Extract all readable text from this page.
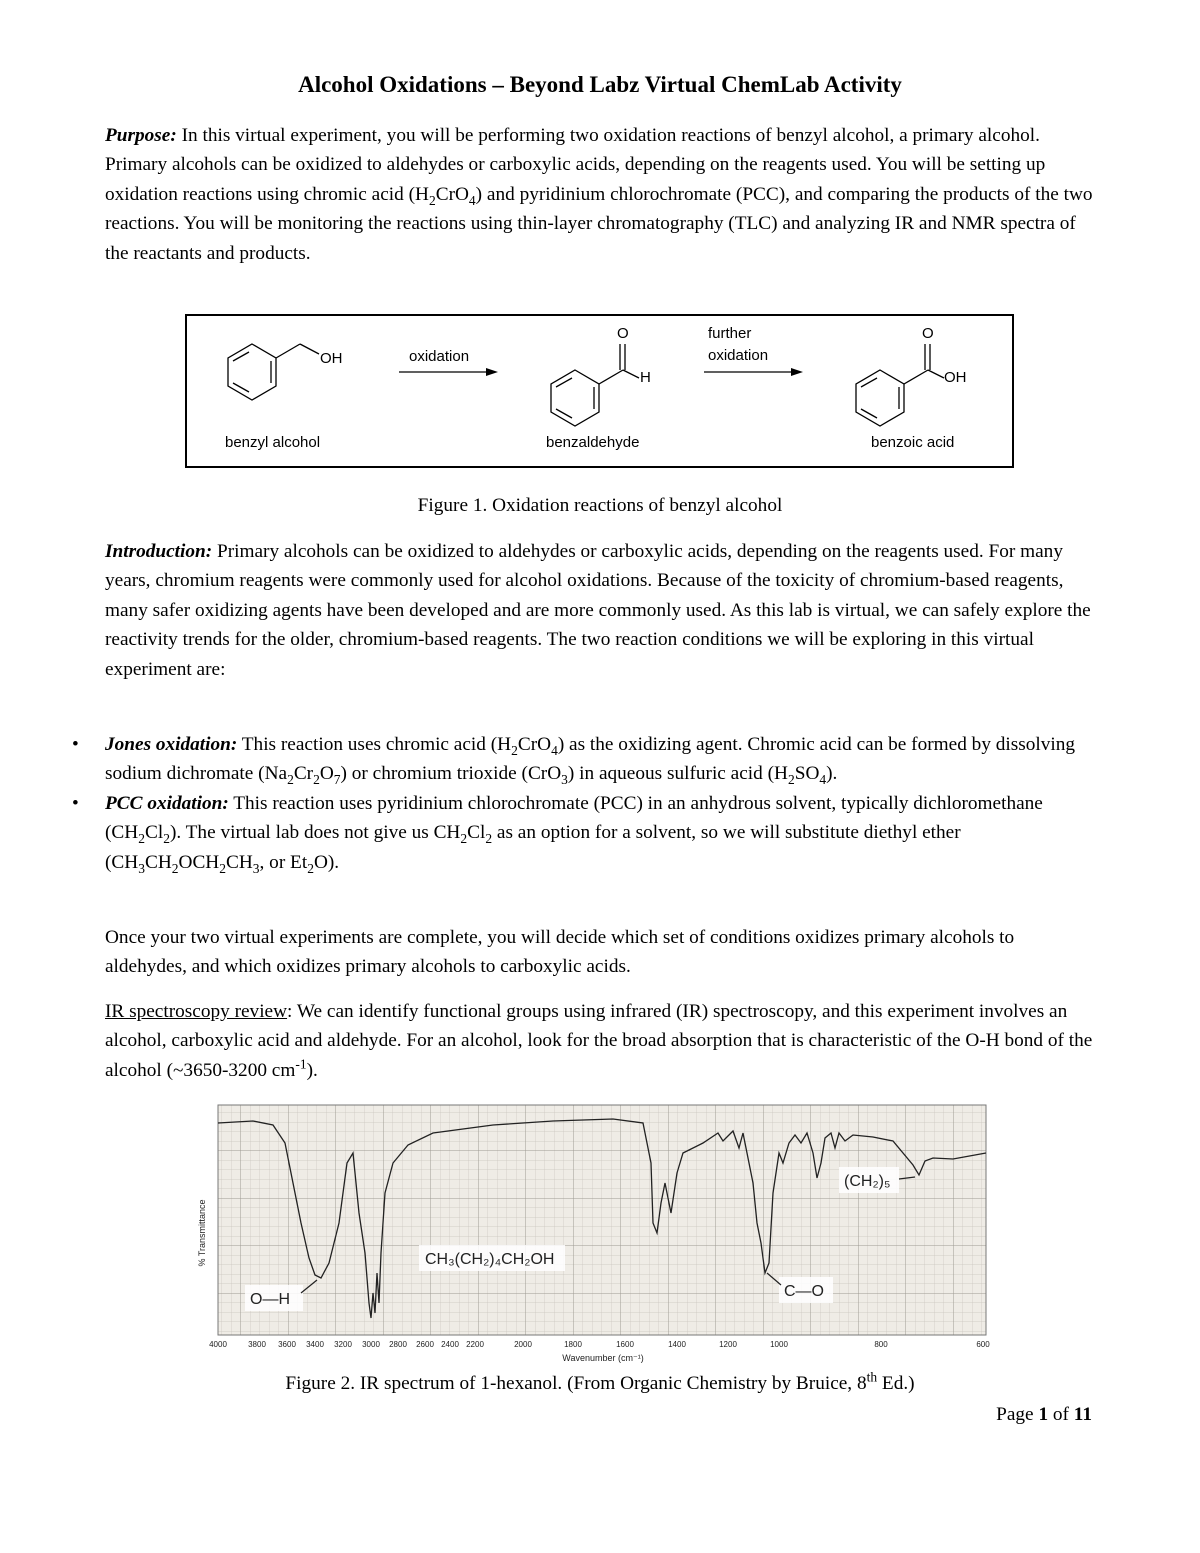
Alcohol Oxidations – Beyond Labz Virtual ChemLab Activity
Purpose: In this virtual experiment, you will be performing two oxidation reactions of benzyl alcohol, a primary alcohol. Primary alcohols can be oxidized to aldehydes or carboxylic acids, depending on the reagents used. You will be setting up oxidation reactions using chromic acid $(H_2CrO_4)$ and pyridinium chlorochromate (PCC), and comparing the products of the two reactions. You will be monitoring the reactions using thin-layer chromatography (TLC) and analyzing IR and NMR spectra of the reactants and products.
OH	oxidation
O
H
further
oxidation
O
OH
benzyl alcohol	benzaldehyde	benzoic acid
Figure 1. Oxidation reactions of benzyl alcohol
Introduction: Primary alcohols can be oxidized to aldehydes or carboxylic acids, depending on the reagents used. For many years, chromium reagents were commonly used for alcohol oxidations. Because of the toxicity of chromium-based reagents, many safer oxidizing agents have been developed and are more commonly used. As this lab is virtual, we can safely explore the reactivity trends for the older, chromium-based reagents. The two reaction conditions we will be exploring in this virtual experiment are:
• Jones oxidation: This reaction uses chromic acid $(H_2CrO_4)$ as the oxidizing agent. Chromic acid can be formed by dissolving sodium dichromate $(Na_2Cr_2O_7)$ or chromium trioxide (CrO$_3$) in aqueous sulfuric acid $(H_2SO_4)$.
• PCC oxidation: This reaction uses pyridinium chlorochromate (PCC) in an anhydrous solvent, typically dichloromethane $(CH_2Cl_2)$. The virtual lab does not give us $CH_2Cl_2$ as an option for a solvent, so we will substitute diethyl ether ($CH_3CH_2OCH_2CH_3$, or $Et_2O$).
Once your two virtual experiments are complete, you will decide which set of conditions oxidizes primary alcohols to aldehydes, and which oxidizes primary alcohols to carboxylic acids.
IR spectroscopy review: We can identify functional groups using infrared (IR) spectroscopy, and this experiment involves an alcohol, carboxylic acid and aldehyde. For an alcohol, look for the broad absorption that is characteristic of the O-H bond of the alcohol (~3650-3200 $cm^{-1}$).
% Transmittance
Wavenumber (cm⁻¹)
4000	3800 3600 3400 3200 3000 2800 2600 2400 2200	2000	1800	1600	1400	1200	1000	800	600
CH₃(CH₂)₄CH₂OH
O—H	C—O
(CH₂)₅
Figure 2. IR spectrum of 1-hexanol. (From Organic Chemistry by Bruice, 8th Ed.)
Page 1 of 11
